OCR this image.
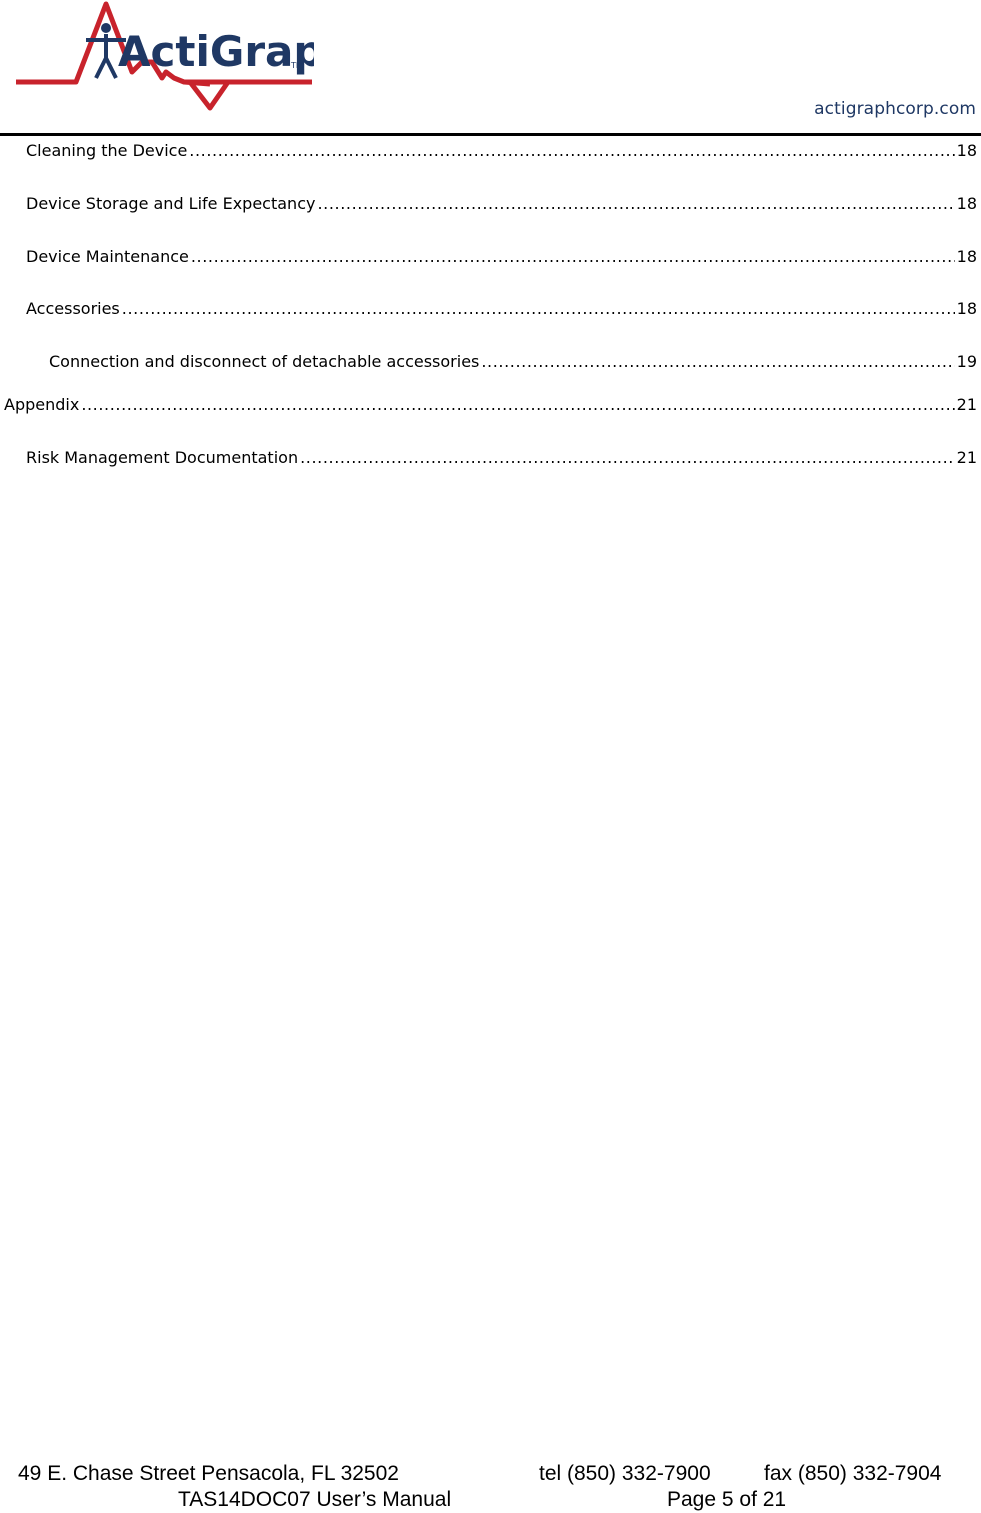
ActiGrap
TM
actigraphcorp.com
Cleaning the Device .....	18
Device Storage and Life Expectancy .....	18
Device Maintenance .....	18
Accessories .....	18
Connection and disconnect of detachable accessories .....	19
Appendix .....	21
Risk Management Documentation .....	21
49 E. Chase Street Pensacola, FL 32502	tel (850) 332-7900	fax (850) 332-7904
TAS14DOC07 User’s Manual	Page 5 of 21
